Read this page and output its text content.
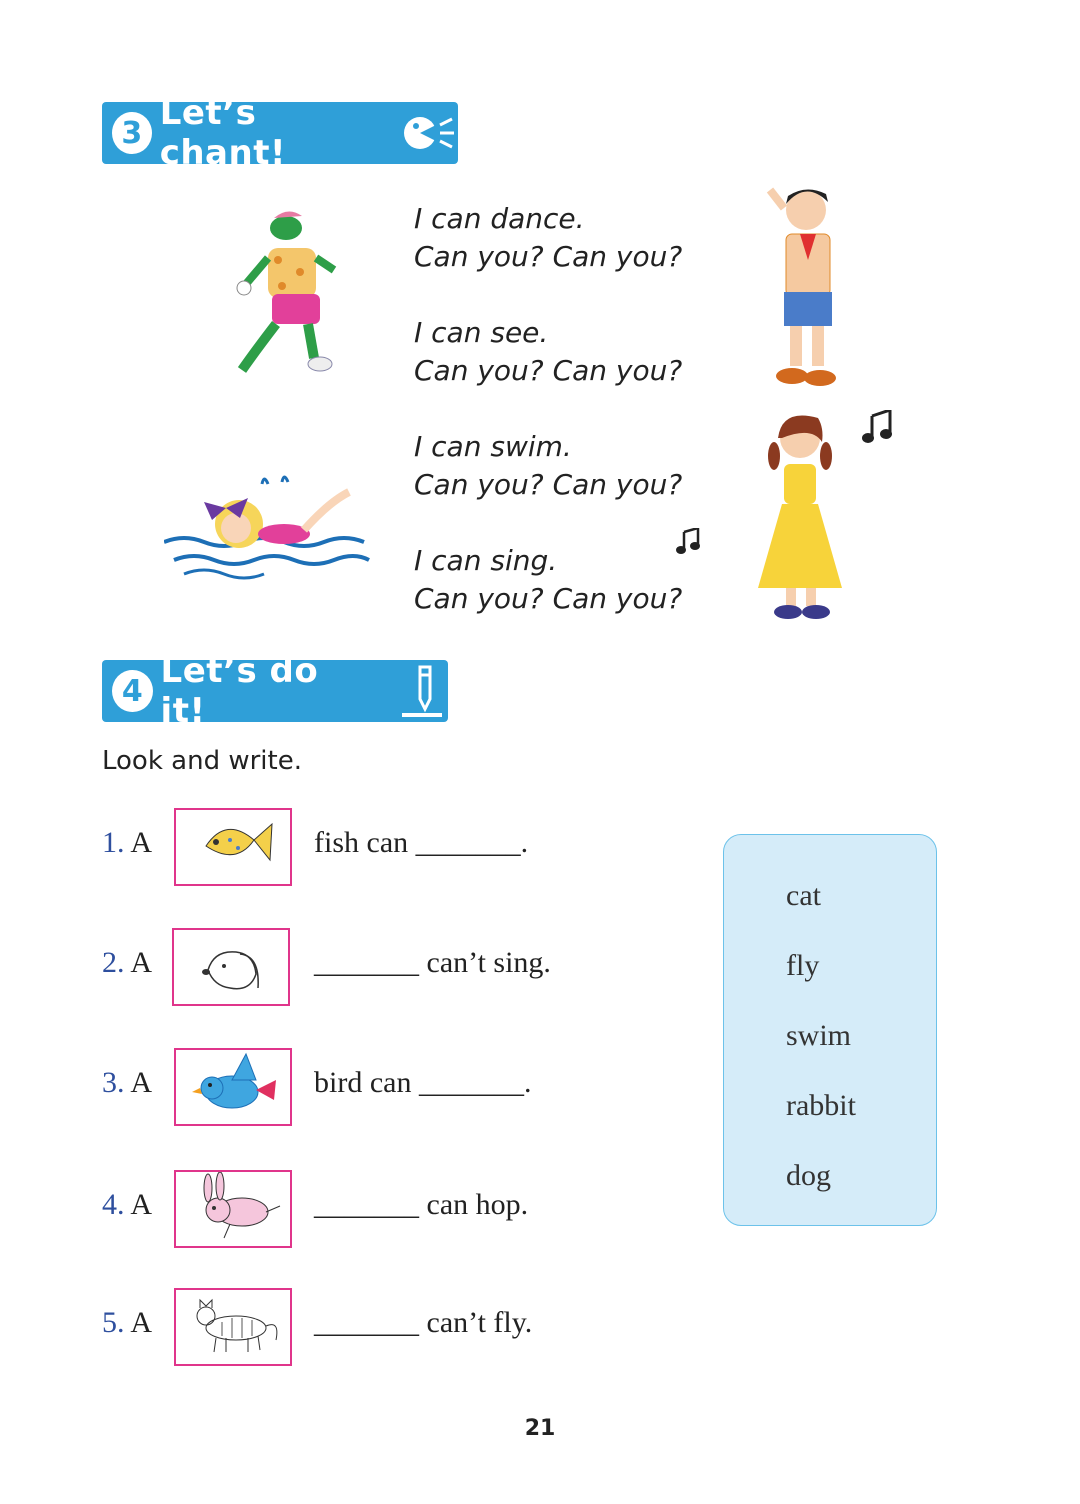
3 Let’s chant!
I can dance.
Can you? Can you?
I can see.
Can you? Can you?
I can swim.
Can you? Can you?
I can sing.
Can you? Can you?
4 Let’s do it!
Look and write.
1. A	fish can _______.
2. A	_______ can’t sing.
3. A	bird can _______.
4. A	_______ can hop.
5. A	_______ can’t fly.
cat
fly
swim
rabbit
dog
21
